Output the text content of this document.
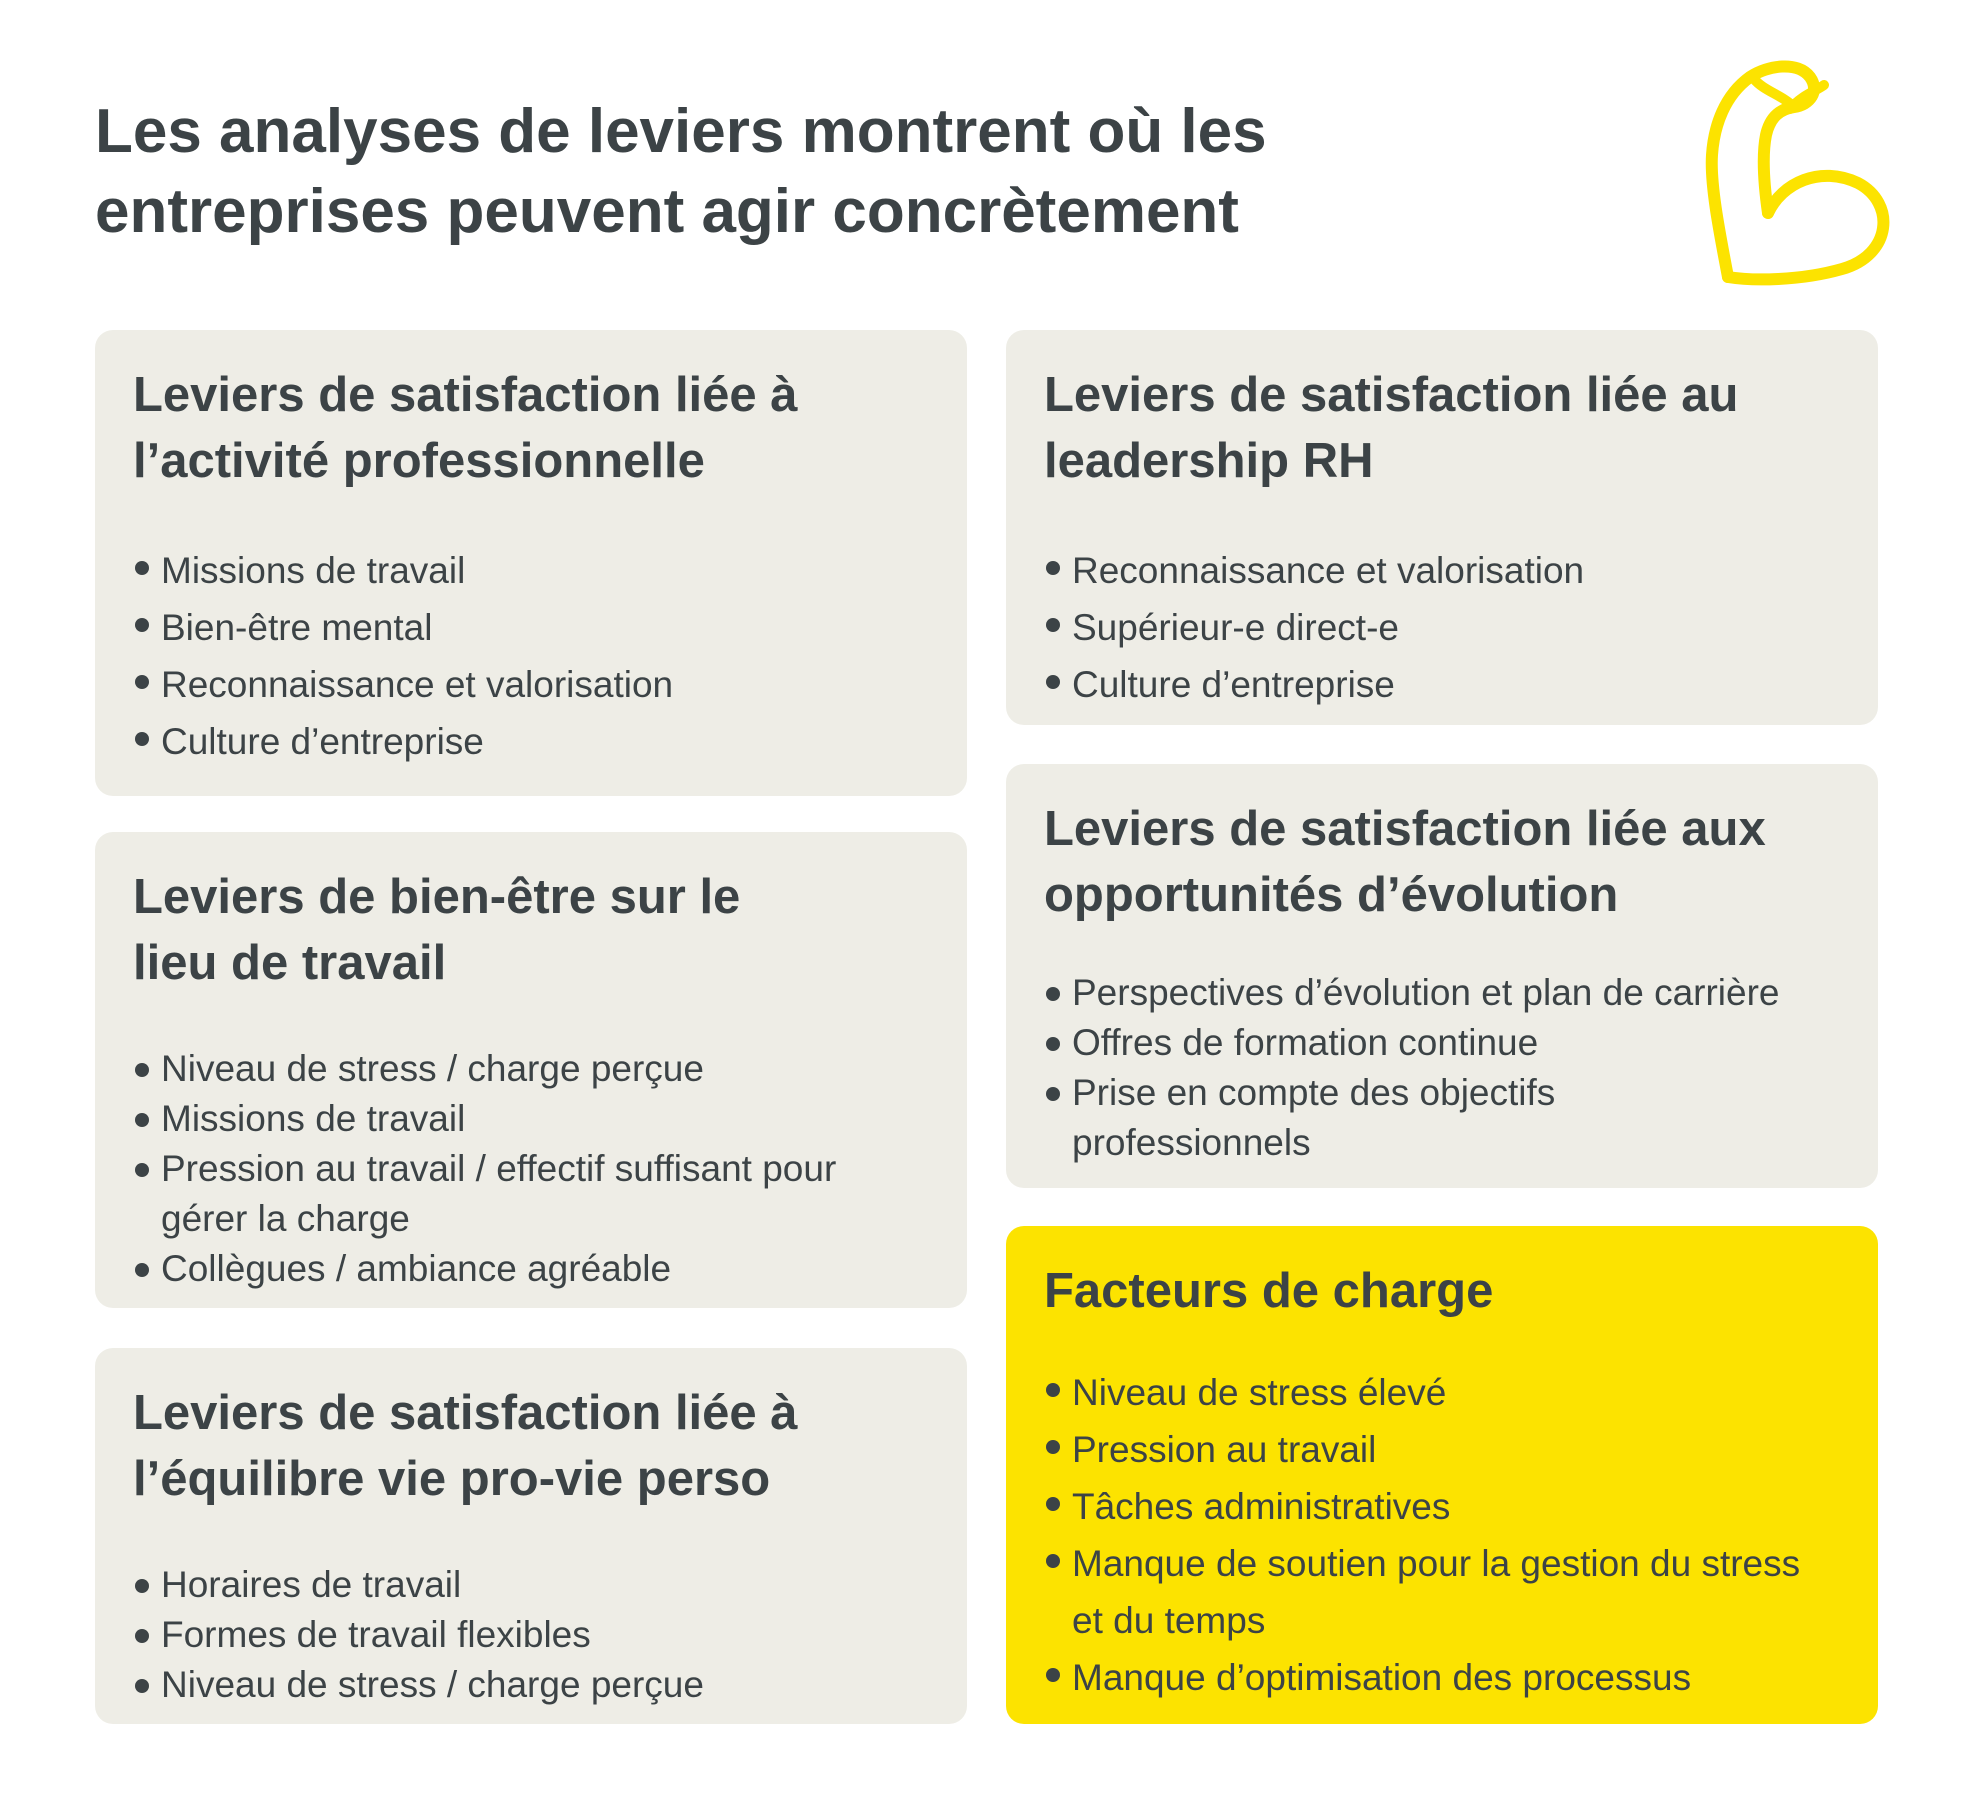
Les analyses de leviers montrent où les entreprises peuvent agir concrètement
Leviers de satisfaction liée à l’activité professionnelle
Missions de travail
Bien-être mental
Reconnaissance et valorisation
Culture d’entreprise
Leviers de bien-être sur le lieu de travail
Niveau de stress / charge perçue
Missions de travail
Pression au travail / effectif suffisant pour gérer la charge
Collègues / ambiance agréable
Leviers de satisfaction liée à l’équilibre vie pro-vie perso
Horaires de travail
Formes de travail flexibles
Niveau de stress / charge perçue
Leviers de satisfaction liée au leadership RH
Reconnaissance et valorisation
Supérieur-e direct-e
Culture d’entreprise
Leviers de satisfaction liée aux opportunités d’évolution
Perspectives d’évolution et plan de carrière
Offres de formation continue
Prise en compte des objectifs professionnels
Facteurs de charge
Niveau de stress élevé
Pression au travail
Tâches administratives
Manque de soutien pour la gestion du stress et du temps
Manque d’optimisation des processus
